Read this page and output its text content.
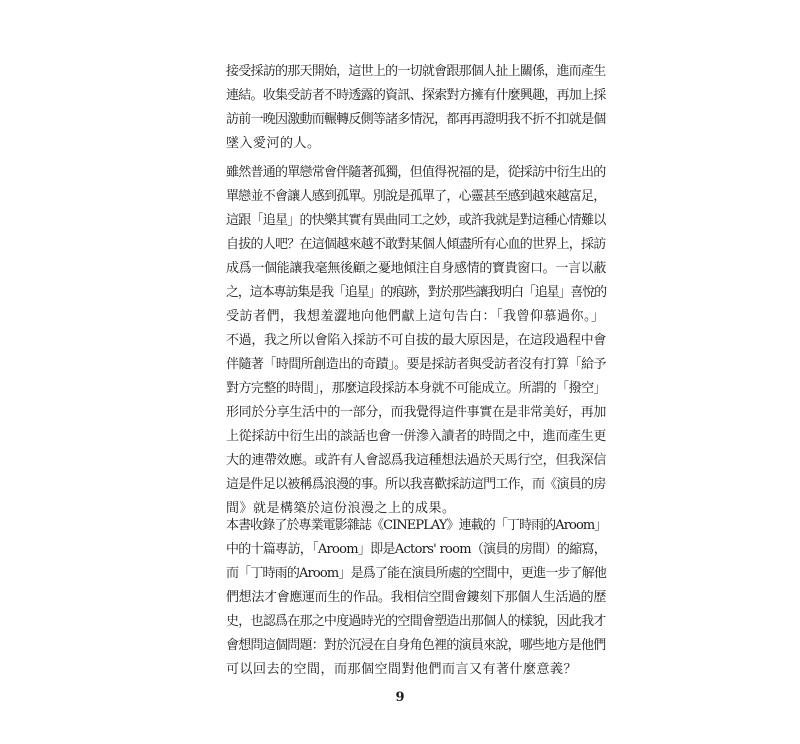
接受採訪的那天開始，這世上的一切就會跟那個人扯上關係，進而產生
連結。收集受訪者不時透露的資訊、探索對方擁有什麼興趣，再加上採
訪前一晚因激動而輾轉反側等諸多情況，都再再證明我不折不扣就是個
墜入愛河的人。
雖然普通的單戀常會伴隨著孤獨，但值得祝福的是，從採訪中衍生出的
單戀並不會讓人感到孤單。別說是孤單了，心靈甚至感到越來越富足，
這跟「追星」的快樂其實有異曲同工之妙，或許我就是對這種心情難以
自拔的人吧？在這個越來越不敢對某個人傾盡所有心血的世界上，採訪
成爲一個能讓我毫無後顧之憂地傾注自身感情的寶貴窗口。一言以蔽
之，這本專訪集是我「追星」的痕跡，對於那些讓我明白「追星」喜悅的
受訪者們，我想羞澀地向他們獻上這句告白：「我曾仰慕過你。」
不過，我之所以會陷入採訪不可自拔的最大原因是，在這段過程中會
伴隨著「時間所創造出的奇蹟」。要是採訪者與受訪者沒有打算「給予
對方完整的時間」，那麼這段採訪本身就不可能成立。所謂的「撥空」
形同於分享生活中的一部分，而我覺得這件事實在是非常美好，再加
上從採訪中衍生出的談話也會一併滲入讀者的時間之中，進而產生更
大的連帶效應。或許有人會認爲我這種想法過於天馬行空，但我深信
這是件足以被稱爲浪漫的事。所以我喜歡採訪這門工作，而《演員的房
間》就是構築於這份浪漫之上的成果。
本書收錄了於專業電影雜誌《CINEPLAY》連載的「丁時雨的Aroom」
中的十篇專訪，「Aroom」即是Actors' room（演員的房間）的縮寫，
而「丁時雨的Aroom」是爲了能在演員所處的空間中，更進一步了解他
們想法才會應運而生的作品。我相信空間會鏤刻下那個人生活過的歷
史，也認爲在那之中度過時光的空間會塑造出那個人的樣貌，因此我才
會想問這個問題：對於沉浸在自身角色裡的演員來說，哪些地方是他們
可以回去的空間，而那個空間對他們而言又有著什麼意義？
9
